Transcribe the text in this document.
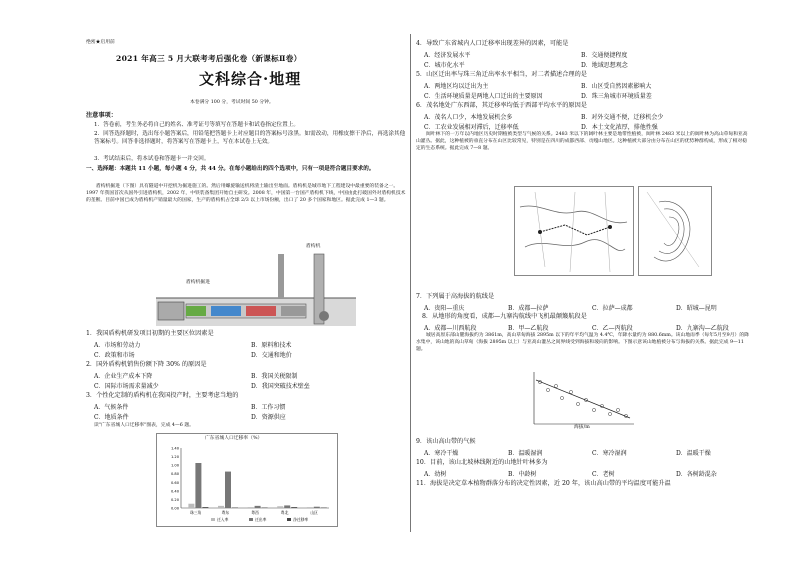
绝密★启用前
2021 年高三 5 月大联考考后强化卷（新课标Ⅱ卷）
文科综合·地理
本卷满分 100 分，考试时间 50 分钟。
注意事项：
1．答卷前，考生务必将自己的姓名、准考证号等填写在答题卡和试卷指定位置上。
2．回答选择题时，选出每小题答案后，用铅笔把答题卡上对应题目的答案标号涂黑。如需改动，用橡皮擦干净后，再选涂其他答案标号。回答非选择题时，将答案写在答题卡上，写在本试卷上无效。
3．考试结束后，将本试卷和答题卡一并交回。
一、选择题：本题共 11 小题，每小题 4 分，共 44 分。在每小题给出的四个选项中，只有一项是符合题目要求的。
盾构机掘进（下图）具有隧道中开挖机为掘进施工的。然后用螺旋输送机将渣土输出至地面。盾构机是城市地下工程建设中最重要的装备之一。1997 年我国首次从国外引进盾构机，2002 年，中铁装备集团开始自主研发。2008 年，中国第一台国产盾构机下线，中国由此打破国外对盾构机技术的垄断。目前中国已成为盾构机产销量最大的国家，生产的盾构机占全球 2/3 以上市场份额，出口了 20 多个国家和地区。据此完成 1—3 题。
盾构机掘进
盾构机
1．我国盾构机研发项目初期的主要区位因素是
A．市场和劳动力	B．原料和技术
C．政策和市场	D．交通和地价
2．国外盾构机销售份额下降 30% 的原因是
A．企业生产成本下降	B．我国关税限制
C．国际市场需求量减少	D．我国突破技术壁垒
3．个性化定制的盾构机在我国投产时，主要考虑当地的
A．气候条件	B．工作习惯
C．地质条件	D．资源供应
读"广东省城人口迁移率"图表，完成 4—6 题。
广东省城人口迁移率（%）
1.40
1.20
1.00
0.80
0.60
0.40
0.20
0.00
珠三角	粤东	粤西	粤北	山区
迁入率	迁出率	净迁移率
4．导致广东省城内人口迁移率出现差异的因素，可能是
A．经济发展水平	B．交通便捷程度
C．城市化水平	D．地域思想观念
5．山区迁出率与珠三角迁出率水平相当，对二者描述合理的是
A．两地区均以迁出为主	B．山区受自然因素影响大
C．生活环境质量是两地人口迁出的主要原因	D．珠三角城市环境质量差
6．茂名地处广东西部，其迁移率均低于西部平均水平的原因是
A．茂名人口少，本地发展机会多	B．对外交通不便，迁移机会少
C．工农业发展相对滞后，迁移率低	D．本土文化浓厚，排他性强
阔叶林下的一万年以内地区历史时期植被类型与气候的关系。2483 米以下的阔叶林主要是地带性植被，阔叶林 2483 米以上的阔叶林为高山草甸和亚高山灌丛。据此，这种植被的垂直分布在山区比较常见，特别是在四川的成都西部、贡嘎山地区。这种植被大部分由分布在山区的优势种群构成，形成了相对稳定的生态系统。据此完成 7—8 题。
7．下列属于高海拔的航线是
A．贵阳—重庆	B．成都—拉萨	C．拉萨—成都	D．昭城—昆明
8．从地形的角度看，成都—九寨沟航线中飞机最颠簸航段是
A．成都—川西航段	B．甲—乙航段	C．乙—丙航段	D．九寨沟—乙航段
城居高原东部山麓海拔约为 3861m，高山草甸海拔 2895m 以下的年平均气温为 4.4℃，年降水量约为 880.6mm。该山地雨季（每年5月至9月）的降水集中，该山地的高山草甸（海拔 2895m 以上）与亚高山灌丛之间界线受到海拔和坡向的影响。下图示意该山地植被分布与海拔的关系。据此完成 9—11 题。
海拔/m
9．该山高山带的气候
A．寒冷干燥	B．温暖湿润	C．寒冷湿润	D．温暖干燥
10．目前，该山北坡林线附近的山地针叶林多为
A．幼树	B．中龄树	C．老树	D．各树龄混杂
11．海拔是决定草本植物群落分布的决定性因素，近 20 年，该山高山带的平均温度可能升温
